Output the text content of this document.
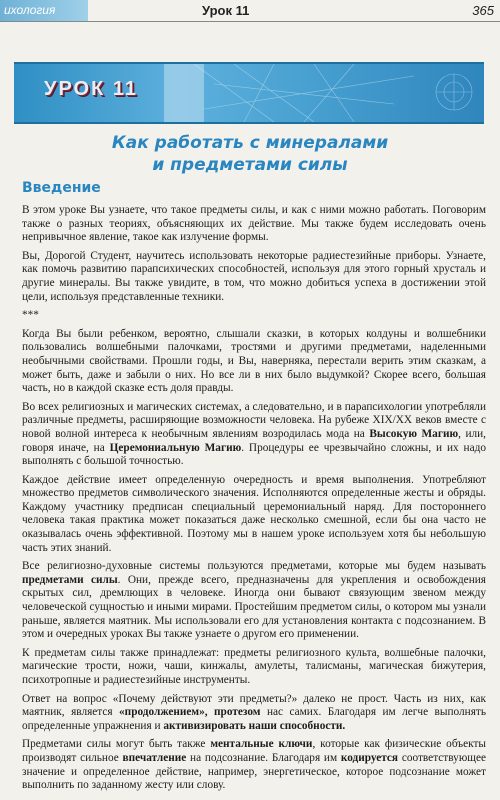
ихология	Урок 11	365
УРОК 11
Как работать с минералами
и предметами силы
Введение

В этом уроке Вы узнаете, что такое предметы силы, и как с ними можно работать. Поговорим также о разных теориях, объясняющих их действие. Мы также будем исследовать очень непривычное явление, такое как излучение формы.

Вы, Дорогой Студент, научитесь использовать некоторые радиестезийные приборы. Узнаете, как помочь развитию парапсихических способностей, используя для этого горный хрусталь и другие минералы. Вы также увидите, в том, что можно добиться успеха в достижении этой цели, используя представленные техники.

***

Когда Вы были ребенком, вероятно, слышали сказки, в которых колдуны и волшебники пользовались волшебными палочками, тростями и другими предметами, наделенными необычными свойствами. Прошли годы, и Вы, наверняка, перестали верить этим сказкам, а может быть, даже и забыли о них. Но все ли в них было выдумкой? Скорее всего, большая часть, но в каждой сказке есть доля правды.

Во всех религиозных и магических системах, а следовательно, и в парапсихологии употребляли различные предметы, расширяющие возможности человека. На рубеже XIX/XX веков вместе с новой волной интереса к необычным явлениям возродилась мода на Высокую Магию, или, говоря иначе, на Церемониальную Магию. Процедуры ее чрезвычайно сложны, и их надо выполнять с большой точностью.

Каждое действие имеет определенную очередность и время выполнения. Употребляют множество предметов символического значения. Исполняются определенные жесты и обряды. Каждому участнику предписан специальный церемониальный наряд. Для постороннего человека такая практика может показаться даже несколько смешной, если бы она часто не оказывалась очень эффективной. Поэтому мы в нашем уроке используем хотя бы небольшую часть этих знаний.

Все религиозно-духовные системы пользуются предметами, которые мы будем называть предметами силы. Они, прежде всего, предназначены для укрепления и освобождения скрытых сил, дремлющих в человеке. Иногда они бывают связующим звеном между человеческой сущностью и иными мирами. Простейшим предметом силы, о котором мы узнали раньше, является маятник. Мы использовали его для установления контакта с подсознанием. В этом и очередных уроках Вы также узнаете о другом его применении.

К предметам силы также принадлежат: предметы религиозного культа, волшебные палочки, магические трости, ножи, чаши, кинжалы, амулеты, талисманы, магическая бижутерия, психотропные и радиестезийные инструменты.

Ответ на вопрос «Почему действуют эти предметы?» далеко не прост. Часть из них, как маятник, является «продолжением», протезом нас самих. Благодаря им легче выполнять определенные упражнения и активизировать наши способности.

Предметами силы могут быть также ментальные ключи, которые как физические объекты производят сильное впечатление на подсознание. Благодаря им кодируется соответствующее значение и определенное действие, например, энергетическое, которое подсознание может выполнить по заданному жесту или слову.
